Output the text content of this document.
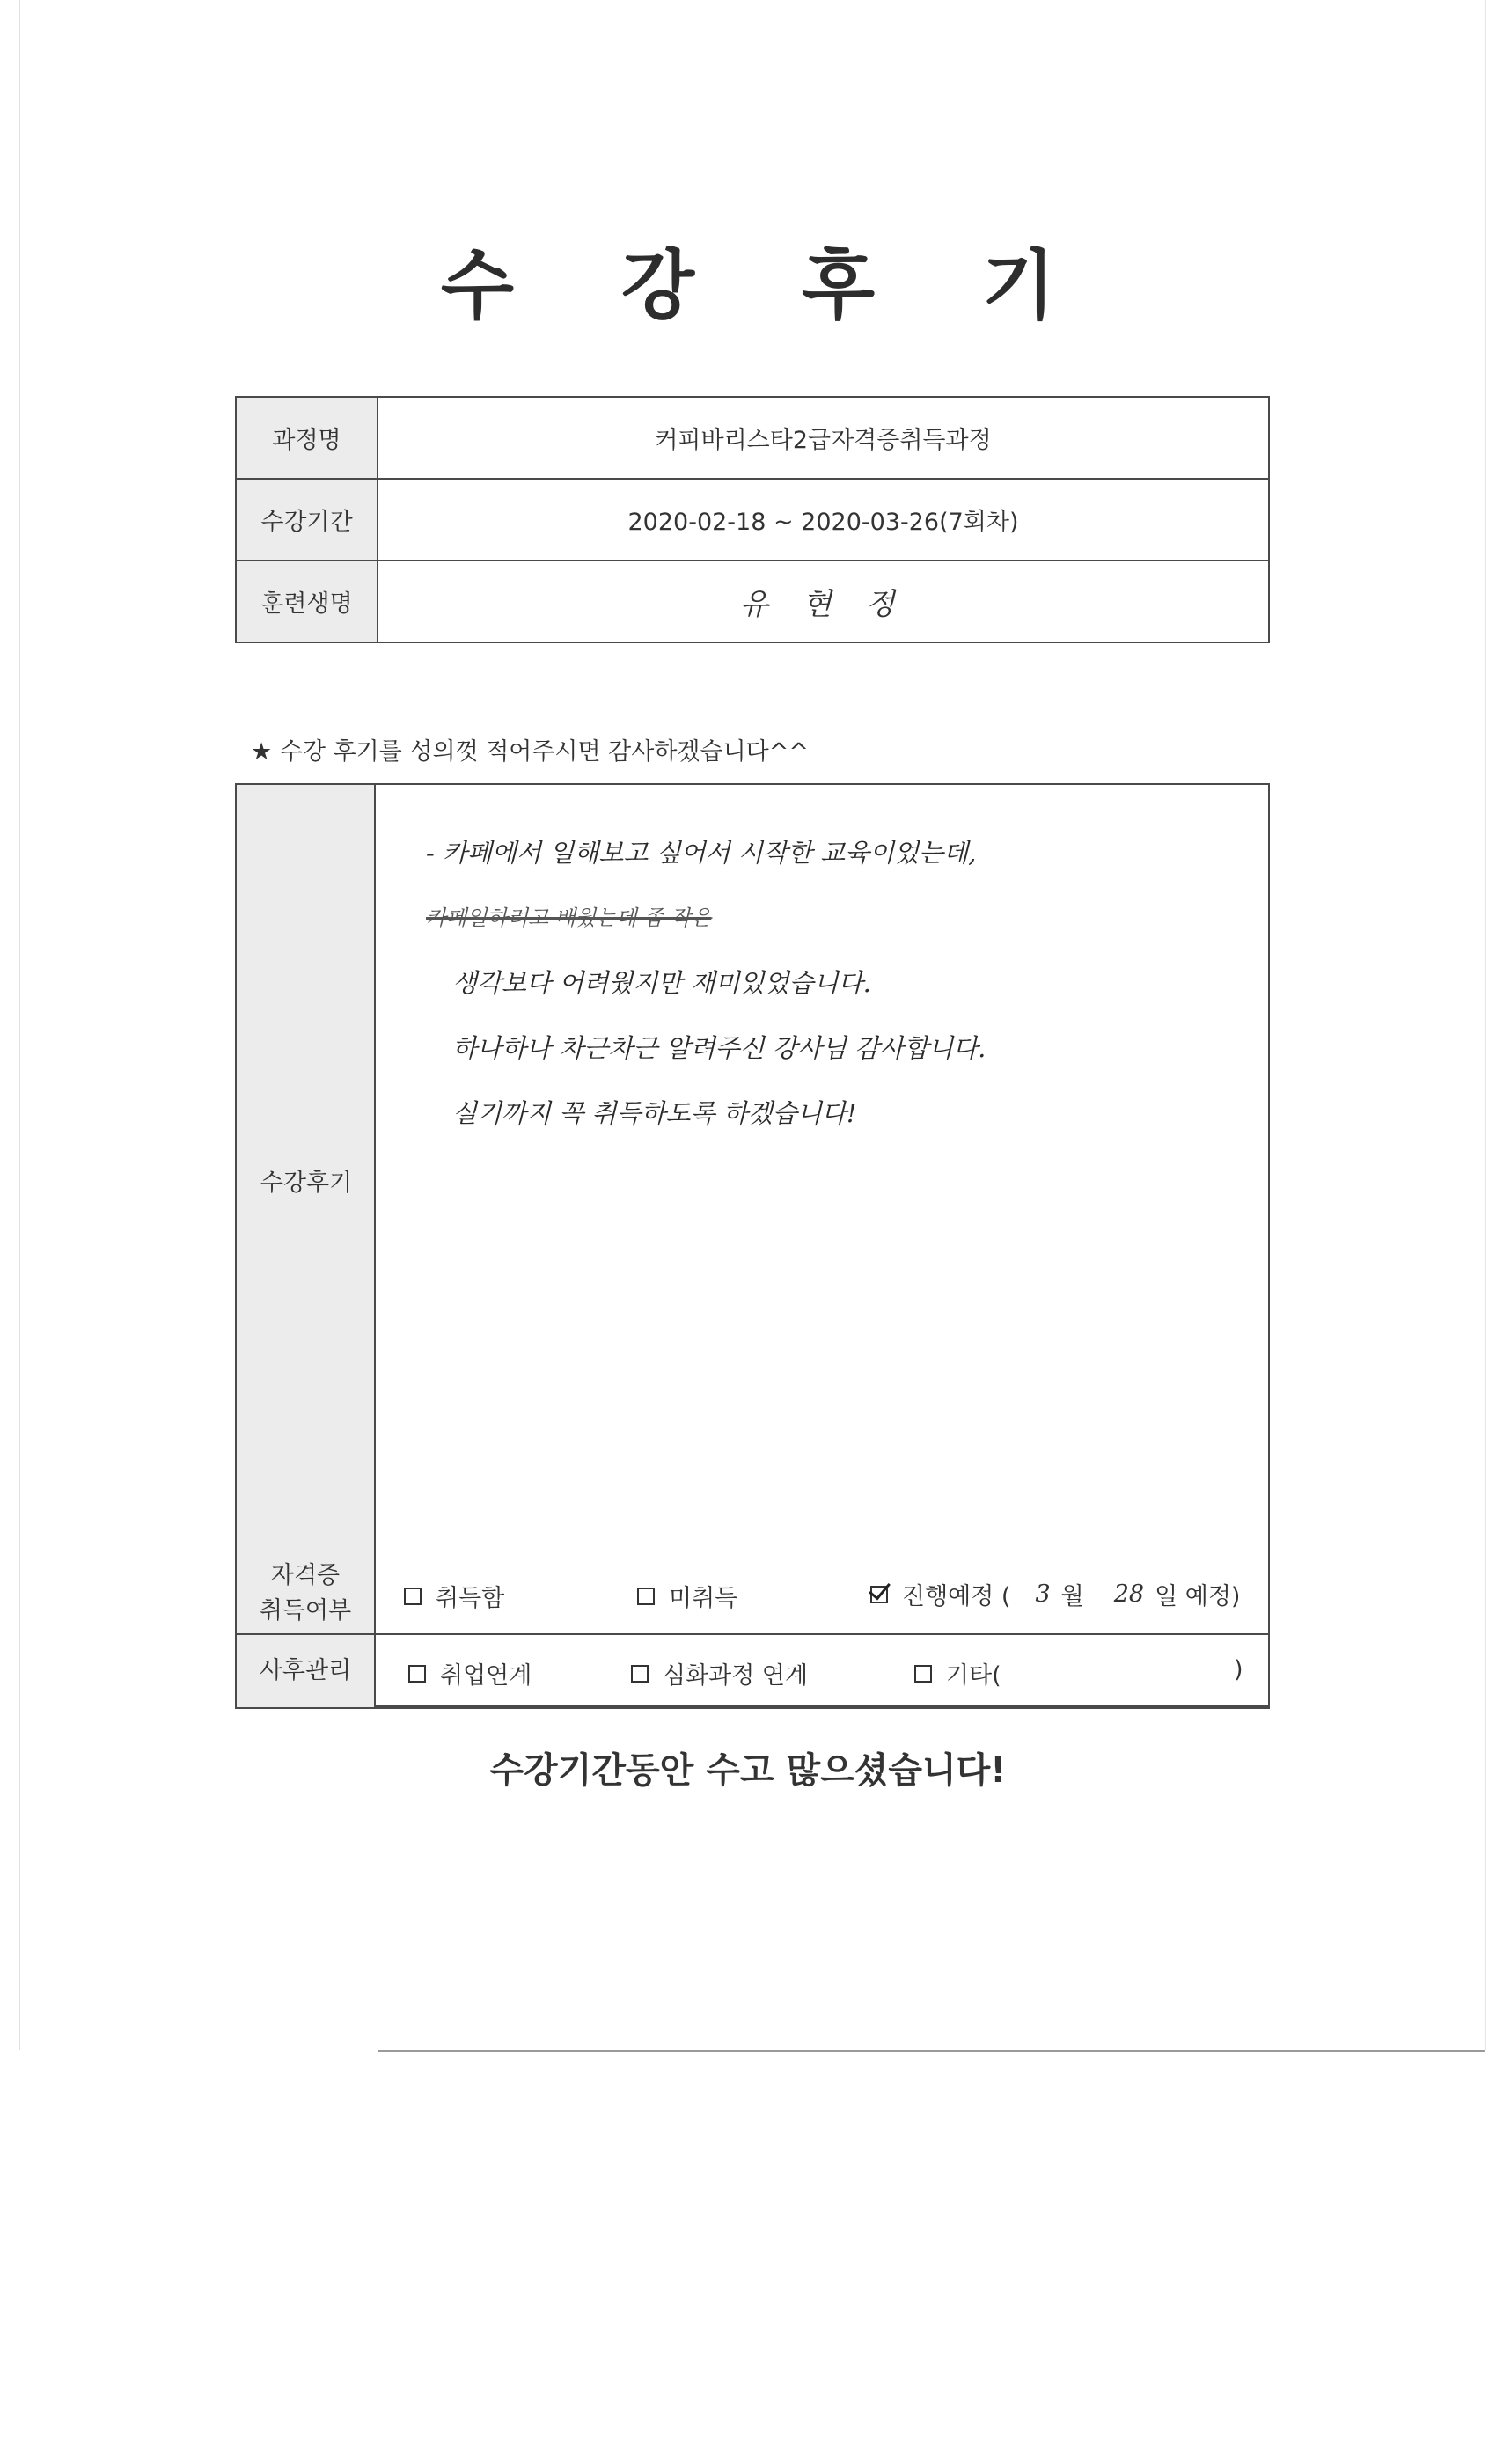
수 강 후 기
과정명	커피바리스타2급자격증취득과정
수강기간	2020-02-18 ~ 2020-03-26(7회차)
훈련생명	유 현 정
★ 수강 후기를 성의껏 적어주시면 감사하겠습니다^^
수강후기
- 카페에서 일해보고 싶어서 시작한 교육이었는데,
카페일하려고 배웠는데 좀 작은
생각보다 어려웠지만 재미있었습니다.
하나하나 차근차근 알려주신 강사님 감사합니다.
실기까지 꼭 취득하도록 하겠습니다!
자격증
취득여부	취득함	미취득	진행예정 ( 3 월 28 일 예정)
사후관리	취업연계	심화과정 연계	기타(	)
수강기간동안 수고 많으셨습니다!
